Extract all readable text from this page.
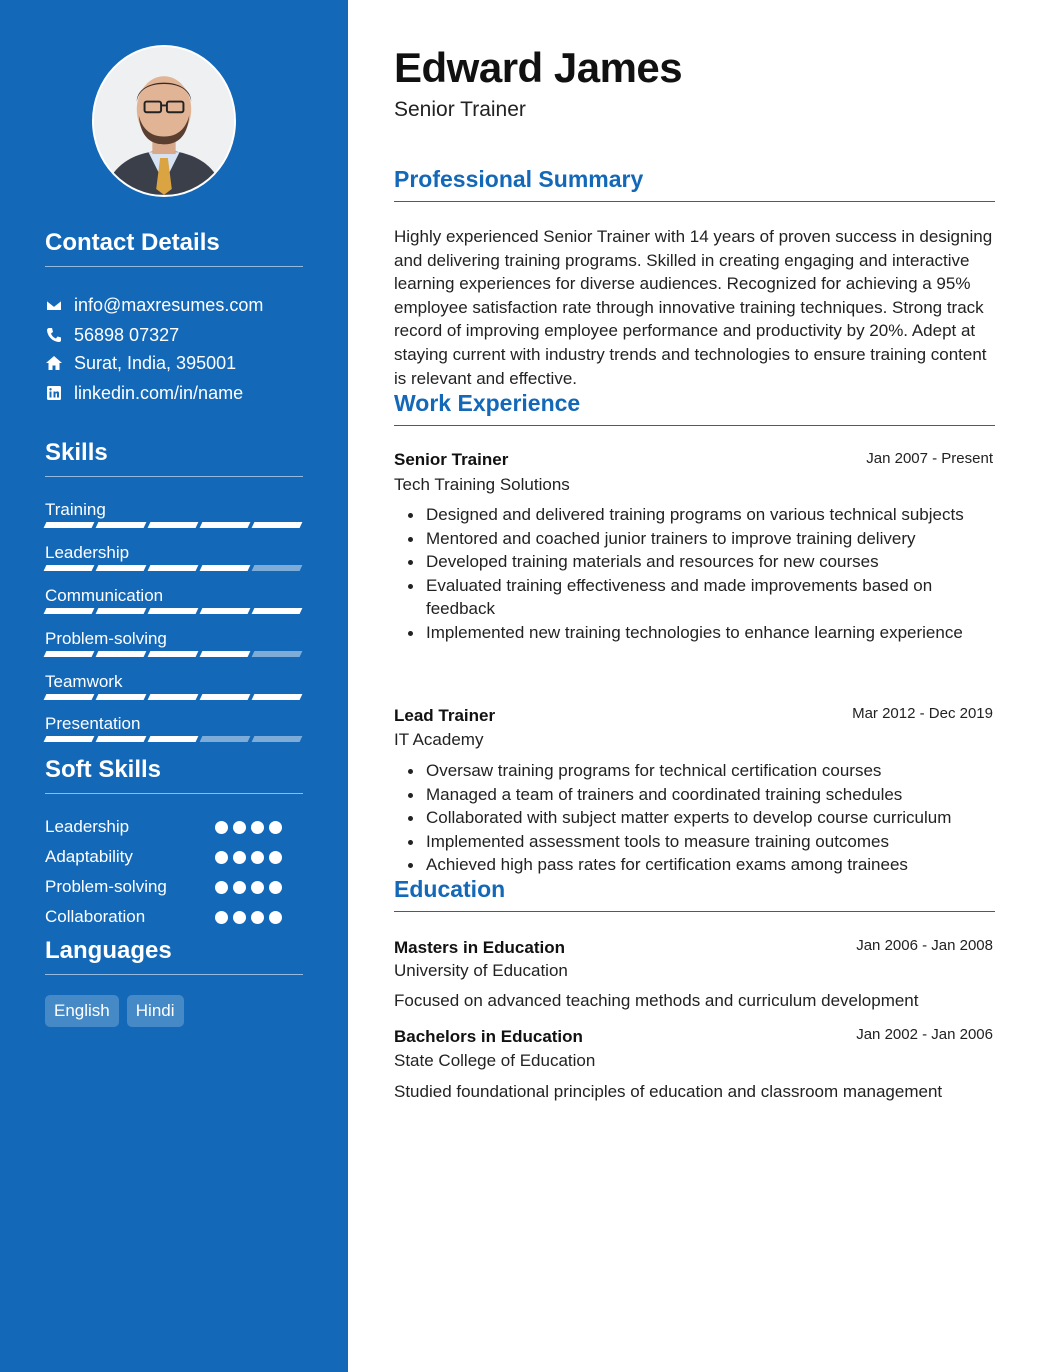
Contact Details
info@maxresumes.com
56898 07327
Surat, India, 395001
linkedin.com/in/name
Skills
Training
Leadership
Communication
Problem-solving
Teamwork
Presentation
Soft Skills
Leadership
Adaptability
Problem-solving
Collaboration
Languages
English	Hindi
Edward James
Senior Trainer
Professional Summary
Highly experienced Senior Trainer with 14 years of proven success in designing and delivering training programs. Skilled in creating engaging and interactive learning experiences for diverse audiences. Recognized for achieving a 95% employee satisfaction rate through innovative training techniques. Strong track record of improving employee performance and productivity by 20%. Adept at staying current with industry trends and technologies to ensure training content is relevant and effective.
Work Experience
Senior Trainer	Jan 2007 - Present
Tech Training Solutions
Designed and delivered training programs on various technical subjects
Mentored and coached junior trainers to improve training delivery
Developed training materials and resources for new courses
Evaluated training effectiveness and made improvements based on feedback
Implemented new training technologies to enhance learning experience
Lead Trainer	Mar 2012 - Dec 2019
IT Academy
Oversaw training programs for technical certification courses
Managed a team of trainers and coordinated training schedules
Collaborated with subject matter experts to develop course curriculum
Implemented assessment tools to measure training outcomes
Achieved high pass rates for certification exams among trainees
Education
Masters in Education	Jan 2006 - Jan 2008
University of Education
Focused on advanced teaching methods and curriculum development
Bachelors in Education	Jan 2002 - Jan 2006
State College of Education
Studied foundational principles of education and classroom management
